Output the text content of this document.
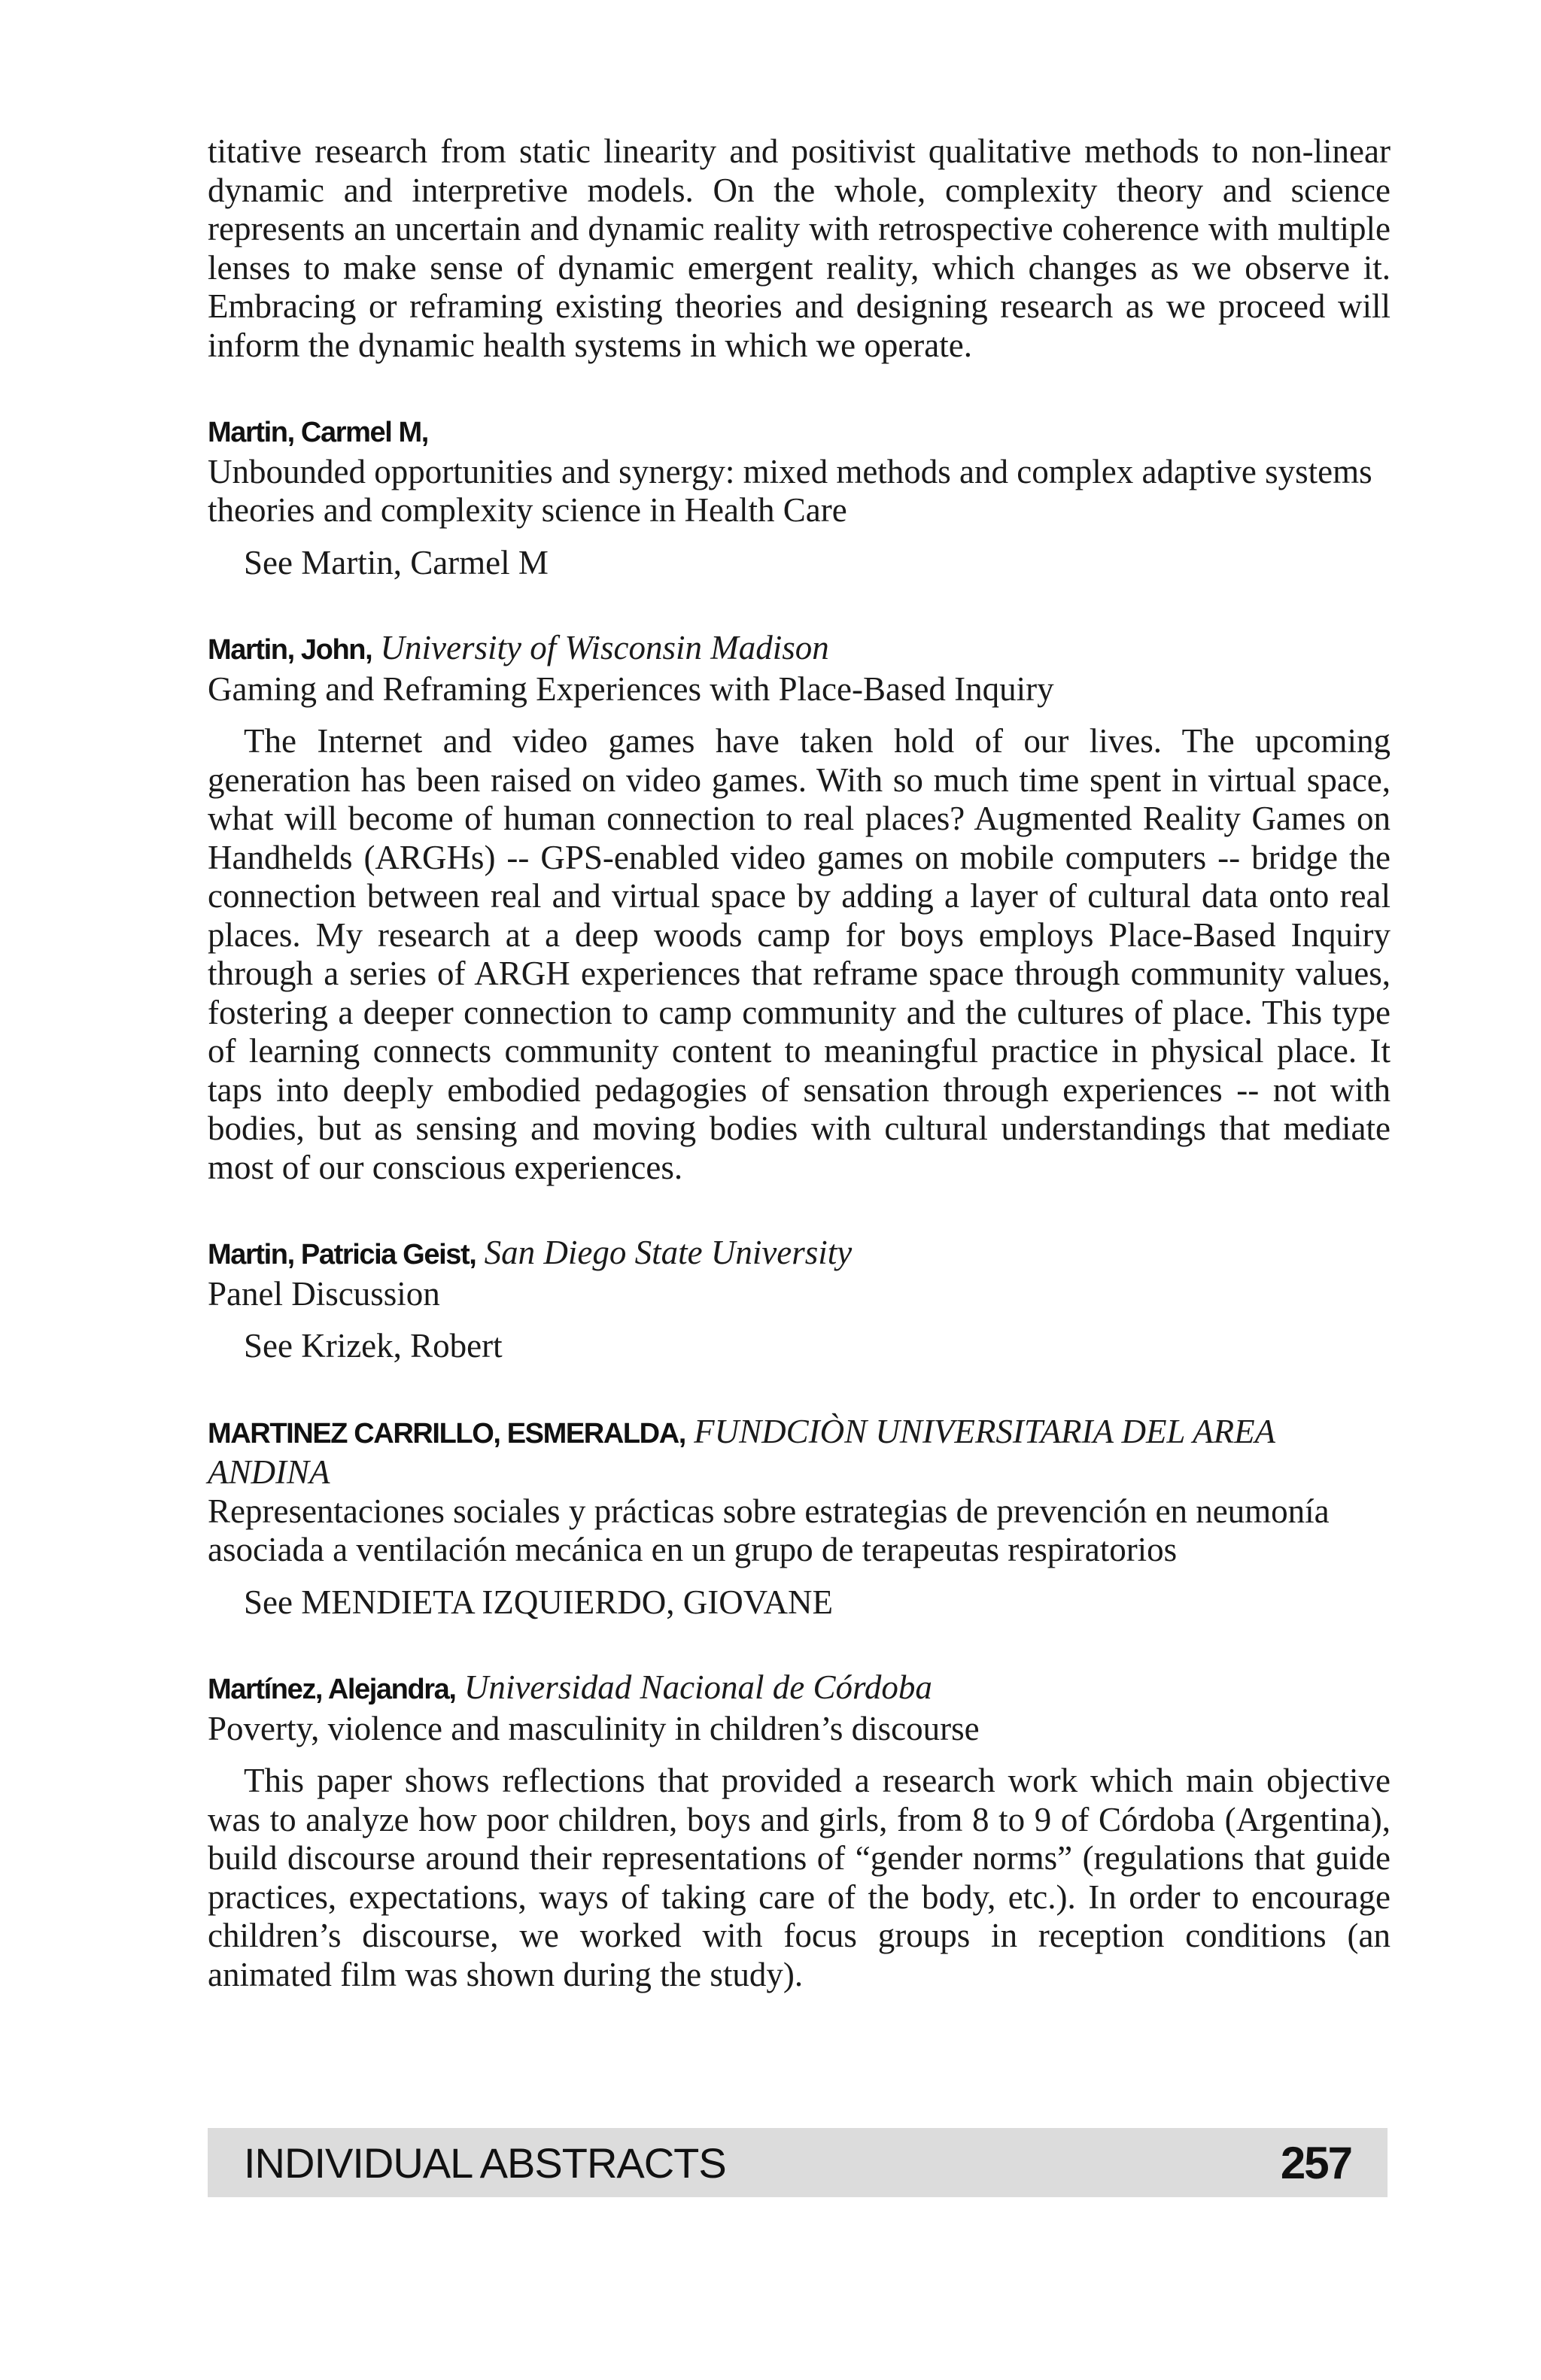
titative research from static linearity and positivist qualitative methods to non-linear dynamic and interpretive models. On the whole, complexity theory and science represents an uncertain and dynamic reality with retrospective coherence with multiple lenses to make sense of dynamic emergent reality, which changes as we observe it. Embracing or reframing existing theories and designing research as we proceed will inform the dynamic health systems in which we operate.

Martin, Carmel M,

Unbounded opportunities and synergy: mixed methods and complex adaptive systems theories and complexity science in Health Care

See Martin, Carmel M

Martin, John, University of Wisconsin Madison

Gaming and Reframing Experiences with Place-Based Inquiry

The Internet and video games have taken hold of our lives. The upcoming generation has been raised on video games. With so much time spent in virtual space, what will become of human connection to real places? Augmented Reality Games on Handhelds (ARGHs) -- GPS-enabled video games on mobile computers -- bridge the connection between real and virtual space by adding a layer of cultural data onto real places. My research at a deep woods camp for boys employs Place-Based Inquiry through a series of ARGH experiences that reframe space through community values, fostering a deeper connection to camp community and the cultures of place. This type of learning connects community content to meaningful practice in physical place. It taps into deeply embodied pedagogies of sensation through experiences -- not with bodies, but as sensing and moving bodies with cultural understandings that mediate most of our conscious experiences.

Martin, Patricia Geist, San Diego State University

Panel Discussion

See Krizek, Robert

MARTINEZ CARRILLO, ESMERALDA, FUNDCIÒN UNIVERSITARIA DEL AREA ANDINA

Representaciones sociales y prácticas sobre estrategias de prevención en neumonía asociada a ventilación mecánica en un grupo de terapeutas respiratorios

See MENDIETA IZQUIERDO, GIOVANE

Martínez, Alejandra, Universidad Nacional de Córdoba

Poverty, violence and masculinity in children’s discourse

This paper shows reflections that provided a research work which main objective was to analyze how poor children, boys and girls, from 8 to 9 of Córdoba (Argentina), build discourse around their representations of “gender norms” (regulations that guide practices, expectations, ways of taking care of the body, etc.). In order to encourage children’s discourse, we worked with focus groups in reception conditions (an animated film was shown during the study).

INDIVIDUAL ABSTRACTS	257
